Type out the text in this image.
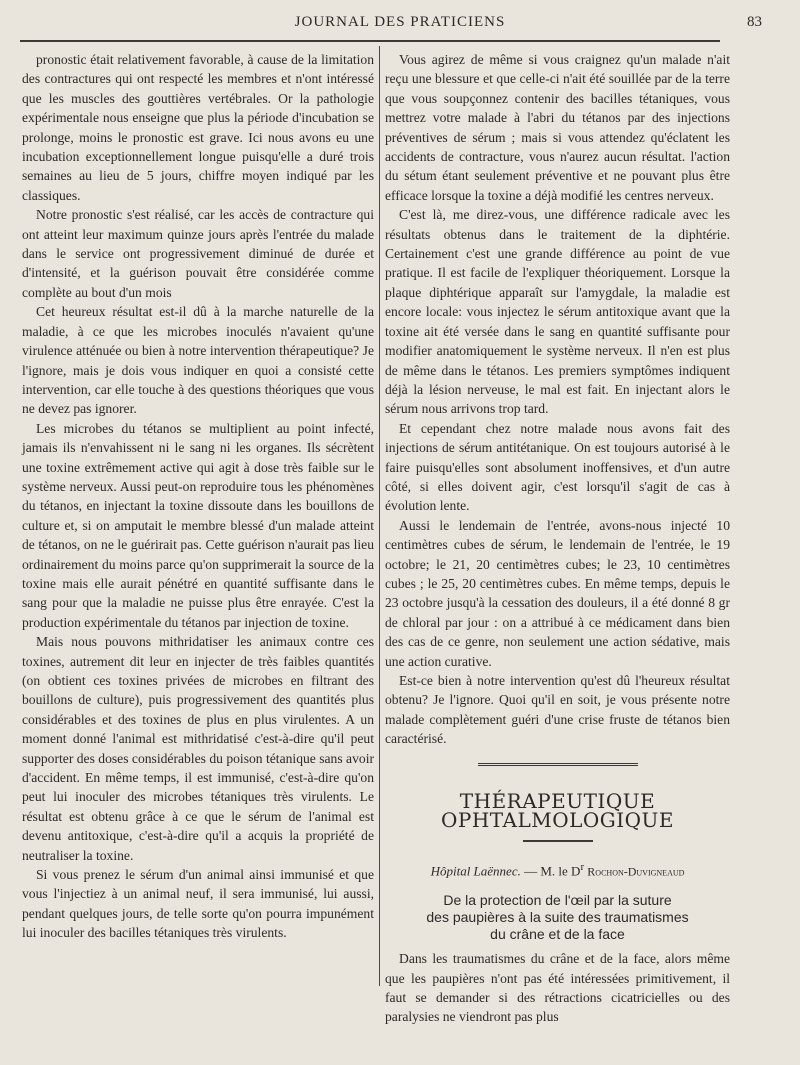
JOURNAL DES PRATICIENS	83

pronostic était relativement favorable, à cause de la limitation des contractures qui ont respecté les membres et n'ont intéressé que les muscles des gouttières vertébrales. Or la pathologie expérimentale nous enseigne que plus la période d'incubation se prolonge, moins le pronostic est grave. Ici nous avons eu une incubation exceptionnellement longue puisqu'elle a duré trois semaines au lieu de 5 jours, chiffre moyen indiqué par les classiques.

Notre pronostic s'est réalisé, car les accès de contracture qui ont atteint leur maximum quinze jours après l'entrée du malade dans le service ont progressivement diminué de durée et d'intensité, et la guérison pouvait être considérée comme complète au bout d'un mois

Cet heureux résultat est-il dû à la marche naturelle de la maladie, à ce que les microbes inoculés n'avaient qu'une virulence atténuée ou bien à notre intervention thérapeutique? Je l'ignore, mais je dois vous indiquer en quoi a consisté cette intervention, car elle touche à des questions théoriques que vous ne devez pas ignorer.

Les microbes du tétanos se multiplient au point infecté, jamais ils n'envahissent ni le sang ni les organes. Ils sécrètent une toxine extrêmement active qui agit à dose très faible sur le système nerveux. Aussi peut-on reproduire tous les phénomènes du tétanos, en injectant la toxine dissoute dans les bouillons de culture et, si on amputait le membre blessé d'un malade atteint de tétanos, on ne le guérirait pas. Cette guérison n'aurait pas lieu ordinairement du moins parce qu'on supprimerait la source de la toxine mais elle aurait pénétré en quantité suffisante dans le sang pour que la maladie ne puisse plus être enrayée. C'est la production expérimentale du tétanos par injection de toxine.

Mais nous pouvons mithridatiser les animaux contre ces toxines, autrement dit leur en injecter de très faibles quantités (on obtient ces toxines privées de microbes en filtrant des bouillons de culture), puis progressivement des quantités plus considérables et des toxines de plus en plus virulentes. A un moment donné l'animal est mithridatisé c'est-à-dire qu'il peut supporter des doses considérables du poison tétanique sans avoir d'accident. En même temps, il est immunisé, c'est-à-dire qu'on peut lui inoculer des microbes tétaniques très virulents. Le résultat est obtenu grâce à ce que le sérum de l'animal est devenu antitoxique, c'est-à-dire qu'il a acquis la propriété de neutraliser la toxine.

Si vous prenez le sérum d'un animal ainsi immunisé et que vous l'injectiez à un animal neuf, il sera immunisé, lui aussi, pendant quelques jours, de telle sorte qu'on pourra impunément lui inoculer des bacilles tétaniques très virulents.

Vous agirez de même si vous craignez qu'un malade n'ait reçu une blessure et que celle-ci n'ait été souillée par de la terre que vous soupçonnez contenir des bacilles tétaniques, vous mettrez votre malade à l'abri du tétanos par des injections préventives de sérum ; mais si vous attendez qu'éclatent les accidents de contracture, vous n'aurez aucun résultat. l'action du sétum étant seulement préventive et ne pouvant plus être efficace lorsque la toxine a déjà modifié les centres nerveux.

C'est là, me direz-vous, une différence radicale avec les résultats obtenus dans le traitement de la diphtérie. Certainement c'est une grande différence au point de vue pratique. Il est facile de l'expliquer théoriquement. Lorsque la plaque diphtérique apparaît sur l'amygdale, la maladie est encore locale: vous injectez le sérum antitoxique avant que la toxine ait été versée dans le sang en quantité suffisante pour modifier anatomiquement le système nerveux. Il n'en est plus de même dans le tétanos. Les premiers symptômes indiquent déjà la lésion nerveuse, le mal est fait. En injectant alors le sérum nous arrivons trop tard.

Et cependant chez notre malade nous avons fait des injections de sérum antitétanique. On est toujours autorisé à le faire puisqu'elles sont absolument inoffensives, et d'un autre côté, si elles doivent agir, c'est lorsqu'il s'agit de cas à évolution lente.

Aussi le lendemain de l'entrée, avons-nous injecté 10 centimètres cubes de sérum, le lendemain de l'entrée, le 19 octobre; le 21, 20 centimètres cubes; le 23, 10 centimètres cubes ; le 25, 20 centimètres cubes. En même temps, depuis le 23 octobre jusqu'à la cessation des douleurs, il a été donné 8 gr de chloral par jour : on a attribué à ce médicament dans bien des cas de ce genre, non seulement une action sédative, mais une action curative.

Est-ce bien à notre intervention qu'est dû l'heureux résultat obtenu? Je l'ignore. Quoi qu'il en soit, je vous présente notre malade complètement guéri d'une crise fruste de tétanos bien caractérisé.

THÉRAPEUTIQUE OPHTALMOLOGIQUE

Hôpital Laënnec. — M. le $D^r$ Rochon-Duvigneaud

De la protection de l'œil par la suture
des paupières à la suite des traumatismes
du crâne et de la face

Dans les traumatismes du crâne et de la face, alors même que les paupières n'ont pas été intéressées primitivement, il faut se demander si des rétractions cicatricielles ou des paralysies ne viendront pas plus
